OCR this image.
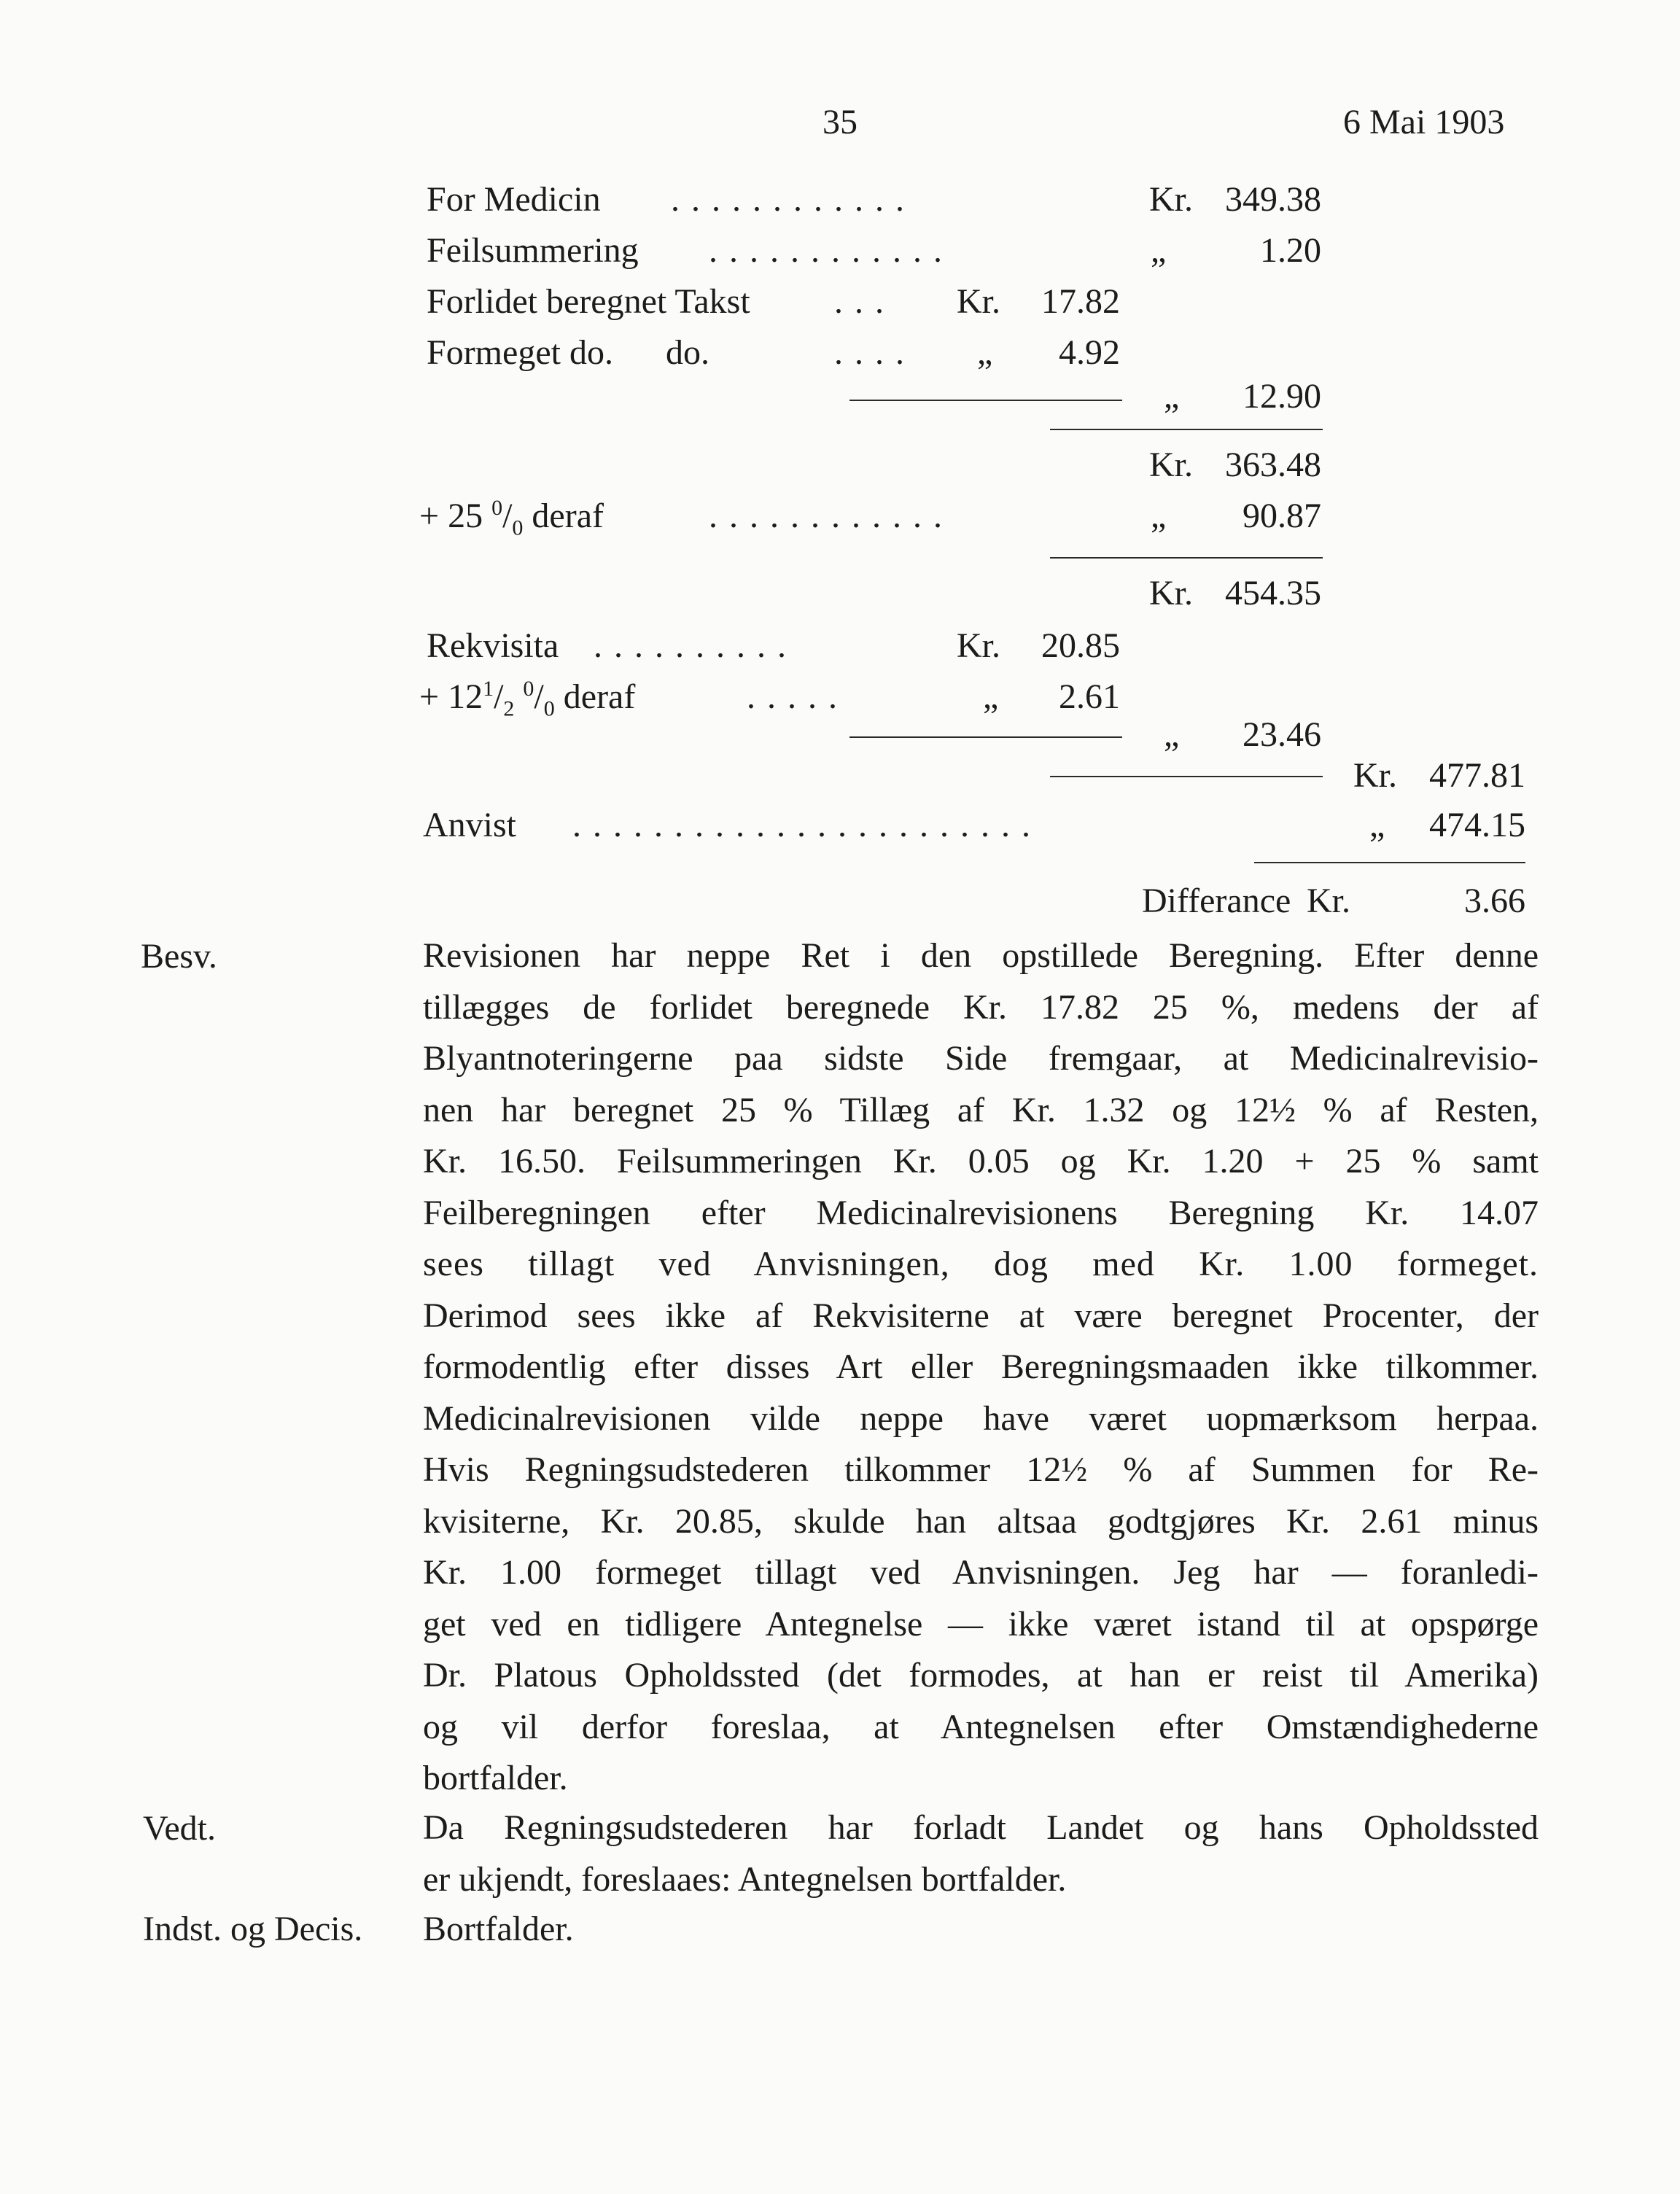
35	6 Mai 1903
For Medicin . . . . . . . . . . . .	Kr. 349.38
Feilsummering . . . . . . . . . . . .	„	1.20
Forlidet beregnet Takst . . . Kr.	17.82
Formeget do.      do.	. . . . „	4.92
„	12.90
Kr. 363.48
+ 25 $^0/_0$ deraf	. . . . . . . . . . . .	„	90.87
Kr. 454.35
Rekvisita . . . . . . . . . .	Kr.	20.85
+ $12^1/_2$ $^0/_0$ deraf	. . . . .	„	2.61
„	23.46
Kr. 477.81
Anvist . . . . . . . . . . . . . . . . . . . . . . .	„	474.15
Differance Kr.	3.66
Besv.	Revisionen har neppe Ret i den opstillede Beregning. Efter denne
tillægges de forlidet beregnede Kr. 17.82 25 %, medens der af
Blyantnoteringerne paa sidste Side fremgaar, at Medicinalrevisio-
nen har beregnet 25 % Tillæg af Kr. 1.32 og 12½ % af Resten,
Kr. 16.50. Feilsummeringen Kr. 0.05 og Kr. 1.20 + 25 % samt
Feilberegningen efter Medicinalrevisionens Beregning Kr. 14.07
sees tillagt ved Anvisningen, dog med Kr. 1.00 formeget.
Derimod sees ikke af Rekvisiterne at være beregnet Procenter, der
formodentlig efter disses Art eller Beregningsmaaden ikke tilkommer.
Medicinalrevisionen vilde neppe have været uopmærksom herpaa.
Hvis Regningsudstederen tilkommer 12½ % af Summen for Re-
kvisiterne, Kr. 20.85, skulde han altsaa godtgjøres Kr. 2.61 minus
Kr. 1.00 formeget tillagt ved Anvisningen. Jeg har — foranledi-
get ved en tidligere Antegnelse — ikke været istand til at opspørge
Dr. Platous Opholdssted (det formodes, at han er reist til Amerika)
og vil derfor foreslaa, at Antegnelsen efter Omstændighederne
bortfalder.
Vedt.	Da Regningsudstederen har forladt Landet og hans Opholdssted
er ukjendt, foreslaaes: Antegnelsen bortfalder.
Indst. og Decis. Bortfalder.
